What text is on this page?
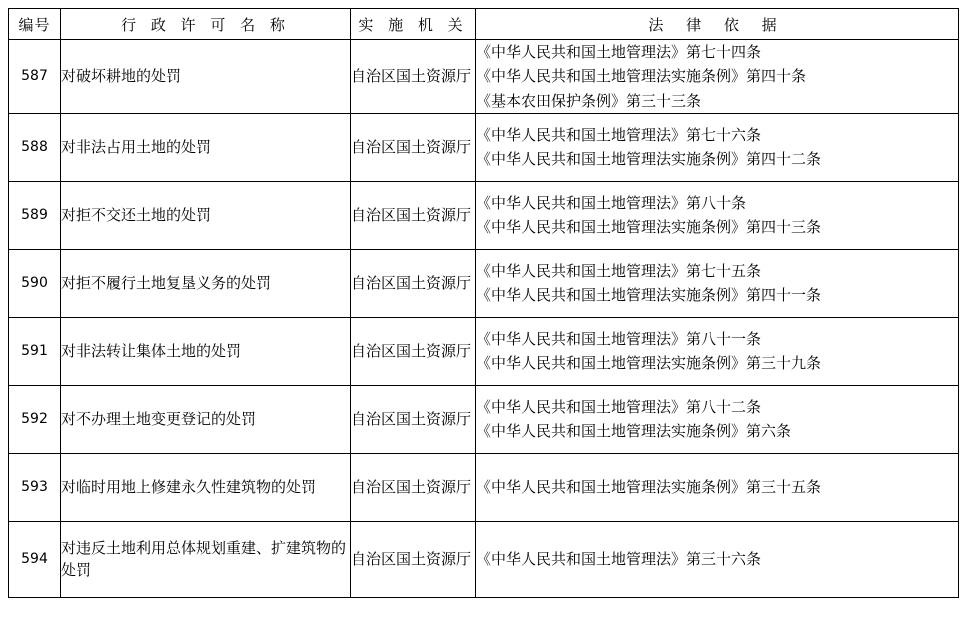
编号	行 政 许 可 名 称	实 施 机 关	法 律 依 据
587	对破坏耕地的处罚	自治区国土资源厅	《中华人民共和国土地管理法》第七十四条
《中华人民共和国土地管理法实施条例》第四十条
《基本农田保护条例》第三十三条

588	对非法占用土地的处罚	自治区国土资源厅	《中华人民共和国土地管理法》第七十六条
《中华人民共和国土地管理法实施条例》第四十二条

589	对拒不交还土地的处罚	自治区国土资源厅	《中华人民共和国土地管理法》第八十条
《中华人民共和国土地管理法实施条例》第四十三条

590	对拒不履行土地复垦义务的处罚	自治区国土资源厅	《中华人民共和国土地管理法》第七十五条
《中华人民共和国土地管理法实施条例》第四十一条

591	对非法转让集体土地的处罚	自治区国土资源厅	《中华人民共和国土地管理法》第八十一条
《中华人民共和国土地管理法实施条例》第三十九条

592	对不办理土地变更登记的处罚	自治区国土资源厅	《中华人民共和国土地管理法》第八十二条
《中华人民共和国土地管理法实施条例》第六条

593	对临时用地上修建永久性建筑物的处罚	自治区国土资源厅	《中华人民共和国土地管理法实施条例》第三十五条

594	对违反土地利用总体规划重建、扩建筑物的处罚	自治区国土资源厅	《中华人民共和国土地管理法》第三十六条
